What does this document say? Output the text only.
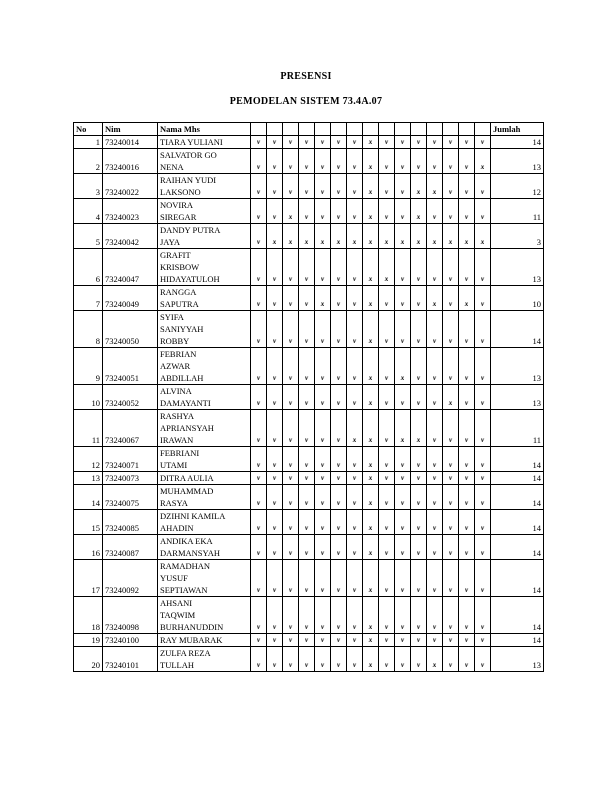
PRESENSI
PEMODELAN SISTEM 73.4A.07
No	Nim	Nama Mhs																Jumlah
1	73240014	TIARA YULIANI	v	v	v	v	v	v	v	x	v	v	v	v	v	v	v	14
2	73240016	SALVATOR GO
NENA	v	v	v	v	v	v	v	x	v	v	v	v	v	v	x	13
3	73240022	RAIHAN YUDI
LAKSONO	v	v	v	v	v	v	v	x	v	v	x	x	v	v	v	12
4	73240023	NOVIRA
SIREGAR	v	v	x	v	v	v	v	x	v	v	x	v	v	v	v	11
5	73240042	DANDY PUTRA
JAYA	v	x	x	x	x	x	x	x	x	x	x	x	x	x	x	3
6	73240047	GRAFIT
KRISBOW
HIDAYATULOH	v	v	v	v	v	v	v	x	x	v	v	v	v	v	v	13
7	73240049	RANGGA
SAPUTRA	v	v	v	v	x	v	v	x	v	v	v	x	v	x	v	10
8	73240050	SYIFA
SANIYYAH
ROBBY	v	v	v	v	v	v	v	x	v	v	v	v	v	v	v	14
9	73240051	FEBRIAN
AZWAR
ABDILLAH	v	v	v	v	v	v	v	x	v	x	v	v	v	v	v	13
10	73240052	ALVINA
DAMAYANTI	v	v	v	v	v	v	v	x	v	v	v	v	x	v	v	13
11	73240067	RASHYA
APRIANSYAH
IRAWAN	v	v	v	v	v	v	x	x	v	x	x	v	v	v	v	11
12	73240071	FEBRIANI
UTAMI	v	v	v	v	v	v	v	x	v	v	v	v	v	v	v	14
13	73240073	DITRA AULIA	v	v	v	v	v	v	v	x	v	v	v	v	v	v	v	14
14	73240075	MUHAMMAD
RASYA	v	v	v	v	v	v	v	x	v	v	v	v	v	v	v	14
15	73240085	DZIHNI KAMILA
AHADIN	v	v	v	v	v	v	v	x	v	v	v	v	v	v	v	14
16	73240087	ANDIKA EKA
DARMANSYAH	v	v	v	v	v	v	v	x	v	v	v	v	v	v	v	14
17	73240092	RAMADHAN
YUSUF
SEPTIAWAN	v	v	v	v	v	v	v	x	v	v	v	v	v	v	v	14
18	73240098	AHSANI
TAQWIM
BURHANUDDIN	v	v	v	v	v	v	v	x	v	v	v	v	v	v	v	14
19	73240100	RAY MUBARAK	v	v	v	v	v	v	v	x	v	v	v	v	v	v	v	14
20	73240101	ZULFA REZA
TULLAH	v	v	v	v	v	v	v	x	v	v	v	x	v	v	v	13
